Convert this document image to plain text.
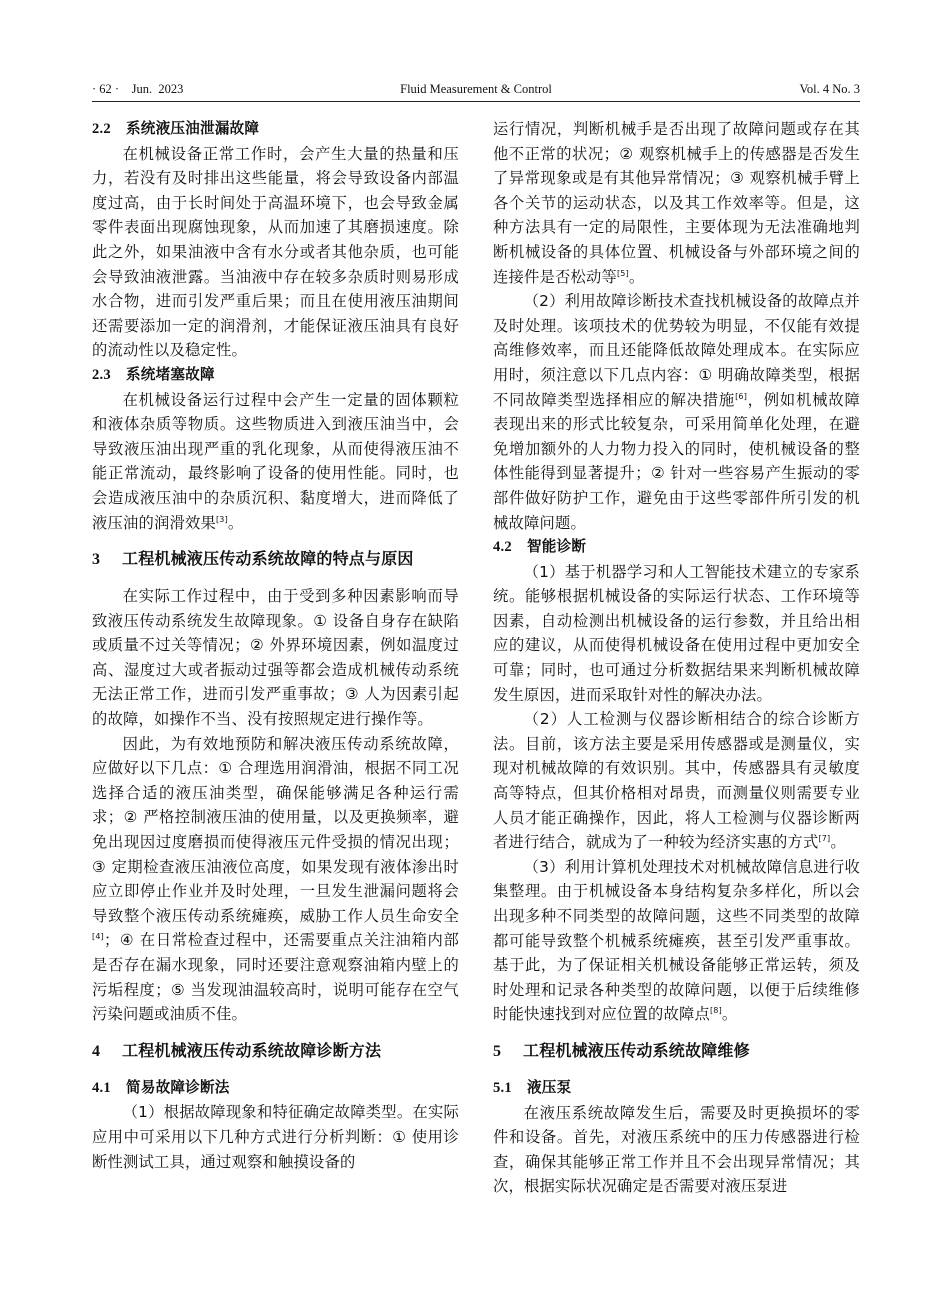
· 62 ·    Jun.  2023	Fluid Measurement & Control	Vol. 4 No. 3
2.2 系统液压油泄漏故障

在机械设备正常工作时，会产生大量的热量和压力，若没有及时排出这些能量，将会导致设备内部温度过高，由于长时间处于高温环境下，也会导致金属零件表面出现腐蚀现象，从而加速了其磨损速度。除此之外，如果油液中含有水分或者其他杂质，也可能会导致油液泄露。当油液中存在较多杂质时则易形成水合物，进而引发严重后果；而且在使用液压油期间还需要添加一定的润滑剂，才能保证液压油具有良好的流动性以及稳定性。

2.3 系统堵塞故障

在机械设备运行过程中会产生一定量的固体颗粒和液体杂质等物质。这些物质进入到液压油当中，会导致液压油出现严重的乳化现象，从而使得液压油不能正常流动，最终影响了设备的使用性能。同时，也会造成液压油中的杂质沉积、黏度增大，进而降低了液压油的润滑效果[3]。

3 工程机械液压传动系统故障的特点与原因

在实际工作过程中，由于受到多种因素影响而导致液压传动系统发生故障现象。① 设备自身存在缺陷或质量不过关等情况；② 外界环境因素，例如温度过高、湿度过大或者振动过强等都会造成机械传动系统无法正常工作，进而引发严重事故；③ 人为因素引起的故障，如操作不当、没有按照规定进行操作等。

因此，为有效地预防和解决液压传动系统故障，应做好以下几点：① 合理选用润滑油，根据不同工况选择合适的液压油类型，确保能够满足各种运行需求；② 严格控制液压油的使用量，以及更换频率，避免出现因过度磨损而使得液压元件受损的情况出现；③ 定期检查液压油液位高度，如果发现有液体渗出时应立即停止作业并及时处理，一旦发生泄漏问题将会导致整个液压传动系统瘫痪，威胁工作人员生命安全[4]；④ 在日常检查过程中，还需要重点关注油箱内部是否存在漏水现象，同时还要注意观察油箱内壁上的污垢程度；⑤ 当发现油温较高时，说明可能存在空气污染问题或油质不佳。

4 工程机械液压传动系统故障诊断方法
4.1 简易故障诊断法

（1）根据故障现象和特征确定故障类型。在实际应用中可采用以下几种方式进行分析判断：① 使用诊断性测试工具，通过观察和触摸设备的

运行情况，判断机械手是否出现了故障问题或存在其他不正常的状况；② 观察机械手上的传感器是否发生了异常现象或是有其他异常情况；③ 观察机械手臂上各个关节的运动状态，以及其工作效率等。但是，这种方法具有一定的局限性，主要体现为无法准确地判断机械设备的具体位置、机械设备与外部环境之间的连接件是否松动等[5]。

（2）利用故障诊断技术查找机械设备的故障点并及时处理。该项技术的优势较为明显，不仅能有效提高维修效率，而且还能降低故障处理成本。在实际应用时，须注意以下几点内容：① 明确故障类型，根据不同故障类型选择相应的解决措施[6]，例如机械故障表现出来的形式比较复杂，可采用简单化处理，在避免增加额外的人力物力投入的同时，使机械设备的整体性能得到显著提升；② 针对一些容易产生振动的零部件做好防护工作，避免由于这些零部件所引发的机械故障问题。

4.2 智能诊断

（1）基于机器学习和人工智能技术建立的专家系统。能够根据机械设备的实际运行状态、工作环境等因素，自动检测出机械设备的运行参数，并且给出相应的建议，从而使得机械设备在使用过程中更加安全可靠；同时，也可通过分析数据结果来判断机械故障发生原因，进而采取针对性的解决办法。

（2）人工检测与仪器诊断相结合的综合诊断方法。目前，该方法主要是采用传感器或是测量仪，实现对机械故障的有效识别。其中，传感器具有灵敏度高等特点，但其价格相对昂贵，而测量仪则需要专业人员才能正确操作，因此，将人工检测与仪器诊断两者进行结合，就成为了一种较为经济实惠的方式[7]。

（3）利用计算机处理技术对机械故障信息进行收集整理。由于机械设备本身结构复杂多样化，所以会出现多种不同类型的故障问题，这些不同类型的故障都可能导致整个机械系统瘫痪，甚至引发严重事故。基于此，为了保证相关机械设备能够正常运转，须及时处理和记录各种类型的故障问题，以便于后续维修时能快速找到对应位置的故障点[8]。

5 工程机械液压传动系统故障维修
5.1 液压泵

在液压系统故障发生后，需要及时更换损坏的零件和设备。首先，对液压系统中的压力传感器进行检查，确保其能够正常工作并且不会出现异常情况；其次，根据实际状况确定是否需要对液压泵进
